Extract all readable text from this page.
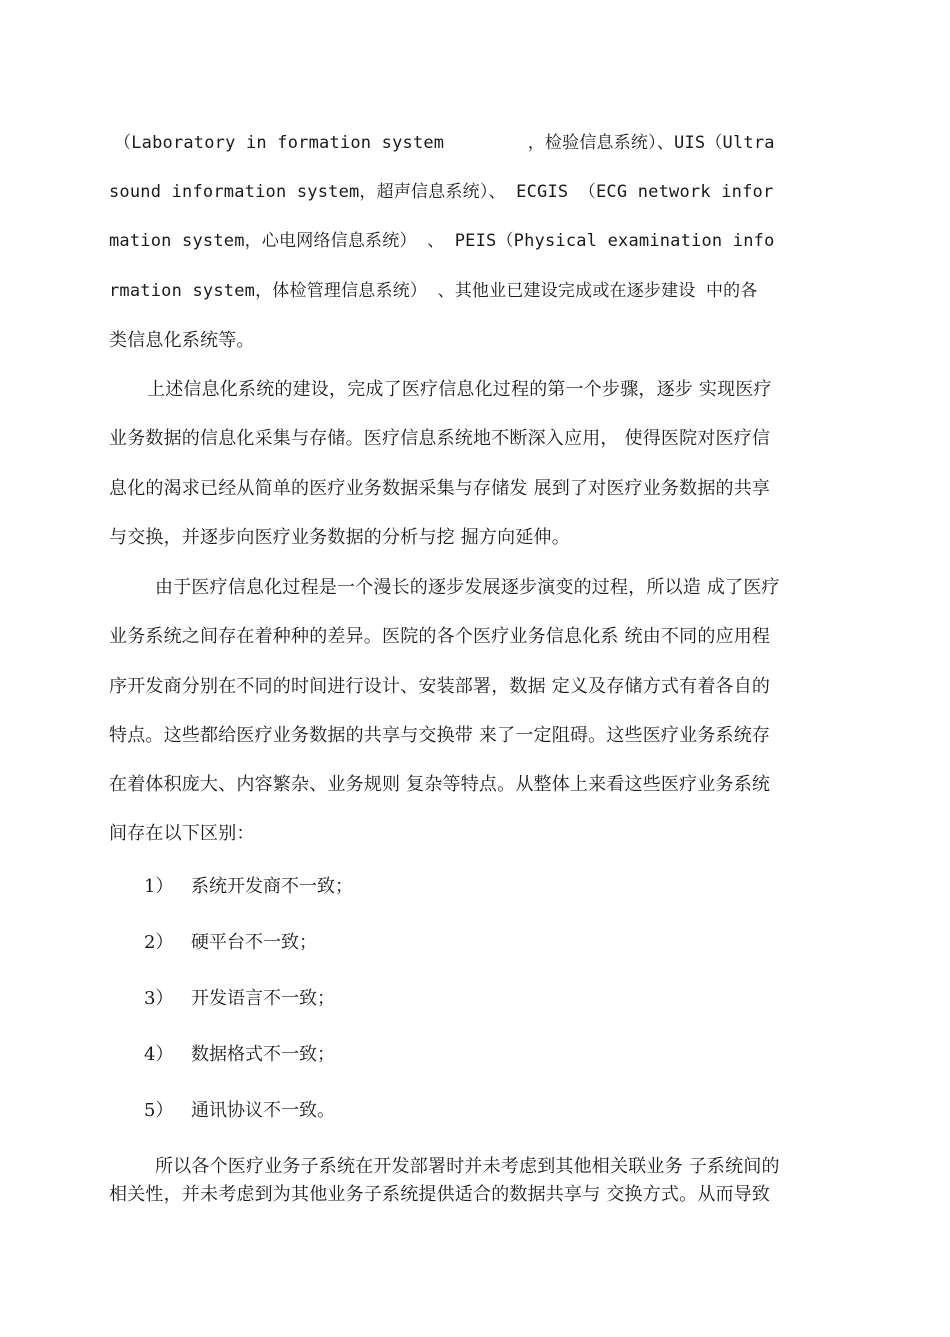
（Laboratory in formation system        ，检验信息系统）、UIS（Ultra
sound information system，超声信息系统）、 ECGIS （ECG network infor
mation system，心电网络信息系统） 、 PEIS（Physical examination info
rmation system，体检管理信息系统） 、其他业已建设完成或在逐步建设 中的各
类信息化系统等。
上述信息化系统的建设，完成了医疗信息化过程的第一个步骤，逐步 实现医疗
业务数据的信息化采集与存储。医疗信息系统地不断深入应用， 使得医院对医疗信
息化的渴求已经从简单的医疗业务数据采集与存储发 展到了对医疗业务数据的共享
与交换，并逐步向医疗业务数据的分析与挖 掘方向延伸。
由于医疗信息化过程是一个漫长的逐步发展逐步演变的过程，所以造 成了医疗
业务系统之间存在着种种的差异。医院的各个医疗业务信息化系 统由不同的应用程
序开发商分别在不同的时间进行设计、安装部署，数据 定义及存储方式有着各自的
特点。这些都给医疗业务数据的共享与交换带 来了一定阻碍。这些医疗业务系统存
在着体积庞大、内容繁杂、业务规则 复杂等特点。从整体上来看这些医疗业务系统
间存在以下区别：
1） 系统开发商不一致；
2） 硬平台不一致；
3） 开发语言不一致；
4） 数据格式不一致；
5） 通讯协议不一致。
所以各个医疗业务子系统在开发部署时并未考虑到其他相关联业务 子系统间的
相关性，并未考虑到为其他业务子系统提供适合的数据共享与 交换方式。从而导致
